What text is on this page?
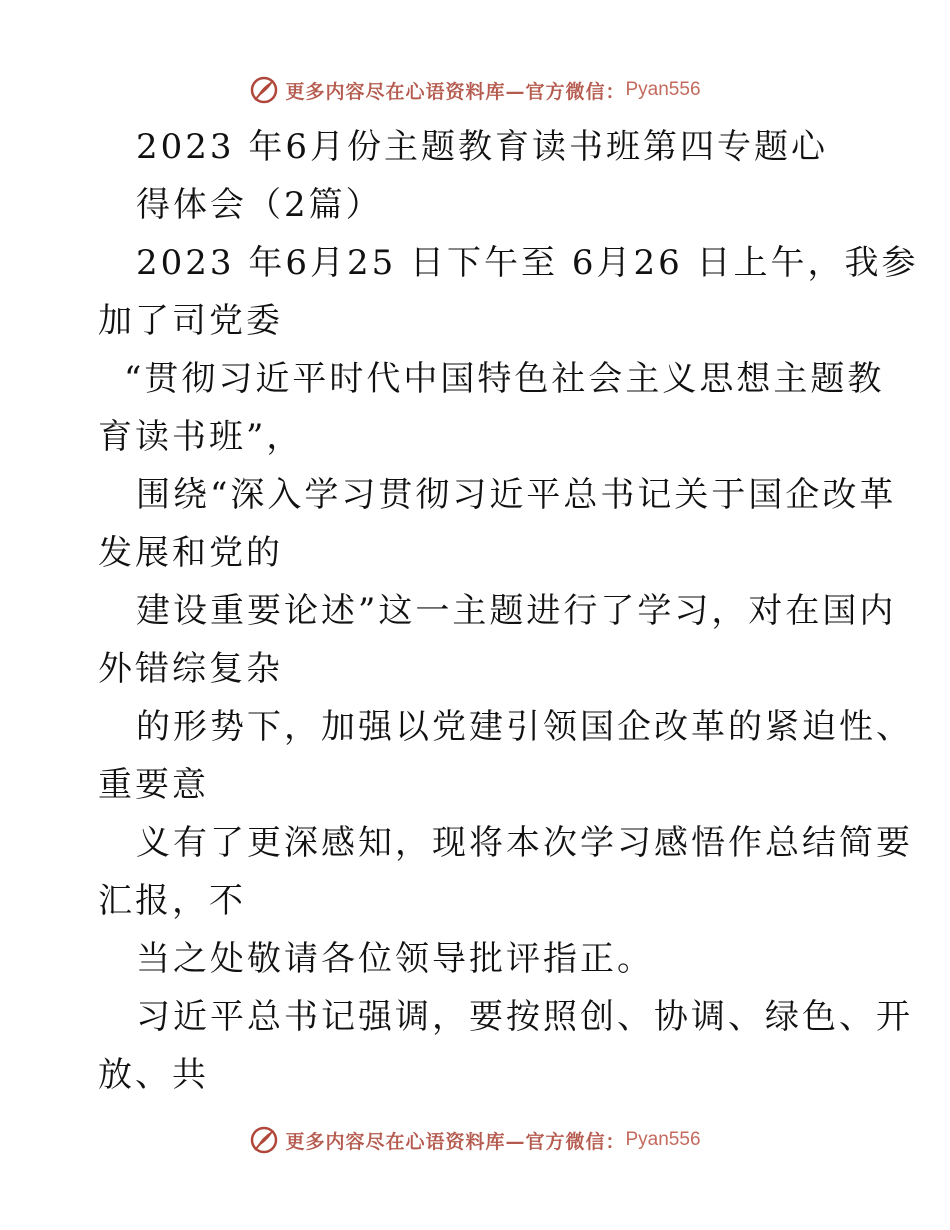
更多内容尽在心语资料库—官方微信： Pyan556
2023 年6月份主题教育读书班第四专题心
得体会（2篇）
2023 年6月25 日下午至 6月26 日上午，我参
加了司党委
“贯彻习近平时代中国特色社会主义思想主题教
育读书班”，
围绕“深入学习贯彻习近平总书记关于国企改革
发展和党的
建设重要论述”这一主题进行了学习，对在国内
外错综复杂
的形势下，加强以党建引领国企改革的紧迫性、
重要意
义有了更深感知，现将本次学习感悟作总结简要
汇报，不
当之处敬请各位领导批评指正。
习近平总书记强调，要按照创、协调、绿色、开
放、共
更多内容尽在心语资料库—官方微信： Pyan556
